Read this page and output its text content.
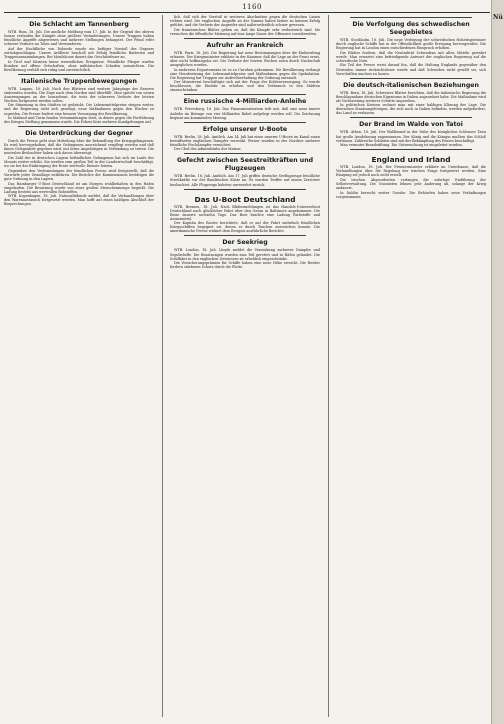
1160
Die Schlacht am Tannenberg
WTB. Rom, 18. Juli. Die amtliche Meldung vom 17. Juli: In der Gegend des oberen Isonzo verlaufen die Kämpfe ohne größere Veränderungen. Unsere Truppen haben feindliche Angriffe abgewiesen und mehrere Stellungen behauptet. Der Feind erlitt schwere Verluste an Toten und Verwundeten.
Auf der Hochfläche von Doberdo wurde ein heftiger Vorstoß des Gegners zurückgeschlagen. Unsere Artillerie beschoß mit Erfolg feindliche Batterien und Truppenansammlungen. Bei Monfalcone dauert das Geschützfeuer an.
In Tirol und Kärnten keine wesentlichen Ereignisse. Feindliche Flieger warfen Bomben auf offene Ortschaften, ohne militärischen Schaden anzurichten. Die Bevölkerung verhält sich ruhig und zuversichtlich.
Italienische Truppenbewegungen
WTB. Lugano, 18. Juli. Nach den Blättern sind weitere Jahrgänge der Reserve einberufen worden. Die Züge nach dem Norden sind überfüllt. Man spricht von neuen Anstrengungen an der Isonzofront, die trotz der schweren Verluste der letzten Wochen fortgesetzt werden sollen.
Die Stimmung in den Städten ist gedrückt. Die Lebensmittelpreise steigen weiter, und die Regierung sieht sich genötigt, neue Maßnahmen gegen den Wucher zu ergreifen. Die Presse fordert eine bessere Versorgung der Bevölkerung.
In Mailand und Turin fanden Versammlungen statt, in denen gegen die Fortführung des Krieges Stellung genommen wurde. Die Polizei löste mehrere Kundgebungen auf.
Die Unterdrückung der Gegner
Durch die Presse geht eine Mitteilung über die Behandlung der Kriegsgefangenen. Es wird hervorgehoben, daß die Gefangenen ausreichend verpflegt werden und daß ihnen Gelegenheit gegeben wird, mit ihren Angehörigen in Verbindung zu treten. Die neutralen Beobachter haben sich davon überzeugt.
Die Zahl der in deutschen Lagern befindlichen Gefangenen hat sich im Laufe des Monats weiter erhöht. Sie werden zum großen Teil in der Landwirtschaft beschäftigt, wo sie bei der Einbringung der Ernte wertvolle Dienste leisten.
Gegenüber den Verleumdungen der feindlichen Presse wird festgestellt, daß die Vorwürfe jeder Grundlage entbehren. Die Berichte der Kommissionen bestätigen die gute Ordnung in den Lagern.
Das Hamburger U-Boot Deutschland ist am Morgen wohlbehalten in den Hafen eingelaufen. Die Besatzung wurde von einer großen Menschenmenge begrüßt. Die Ladung besteht aus wertvollen Rohstoffen.
WTB. Kopenhagen, 18. Juli. Nationaltidende meldet, daß die Verhandlungen über den Warenaustausch fortgesetzt werden. Man hofft auf einen baldigen Abschluß der Besprechungen.
lich, daß sich der Vorstoß in weiteren Abschnitten gegen die deutschen Linien richten wird. Die englischen Angriffe an der Somme haben bisher zu keinem Erfolg geführt, und die Verluste der Angreifer sind außerordentlich schwer gewesen.
Die französischen Blätter geben zu, daß die Kämpfe sehr verlustreich sind. Sie versuchen die öffentliche Meinung auf eine lange Dauer der Offensive vorzubereiten.
Aufruhr an Frankreich
WTB. Paris, 18. Juli. Die Regierung hat neue Bestimmungen über die Einberufung erlassen. Der Kriegsminister erklärte in der Kammer, daß die Lage an der Front ernst, aber nicht hoffnungslos sei. Die Verluste der letzten Wochen seien durch Nachschub ausgeglichen worden.
In mehreren Departements ist es zu Unruhen gekommen. Die Bevölkerung verlangt eine Herabsetzung der Lebensmittelpreise und Maßnahmen gegen die Spekulation. Die Regierung hat Truppen zur Aufrechterhaltung der Ordnung entsandt.
Der Ministerrat beschäftigte sich mit der Frage der Kohlenversorgung. Es wurde beschlossen, die Einfuhr zu erhöhen und den Verbrauch in den Städten einzuschränken.
Eine russische 4-Milliarden-Anleihe
WTB. Petersburg, 18. Juli. Das Finanzministerium teilt mit, daß eine neue innere Anleihe im Betrage von vier Milliarden Rubel aufgelegt werden soll. Die Zeichnung beginnt am kommenden Montag.
Erfolge unserer U-Boote
WTB. Berlin, 18. Juli. Amtlich. Am 14. Juli hat eines unserer U-Boote im Kanal einen bewaffneten englischen Dampfer versenkt. Ferner wurden in der Nordsee mehrere feindliche Fischdampfer vernichtet.
Der Chef des Admiralstabs der Marine.
Gefecht zwischen Seestreitkräften und Flugzeugen
WTB. Berlin, 18. Juli. Amtlich. Am 17. Juli griffen deutsche Seeflugzeuge feindliche Streitkräfte vor der flandrischen Küste an. Es wurden Treffer auf einem Zerstörer beobachtet. Alle Flugzeuge kehrten unversehrt zurück.
Das U-Boot Deutschland
WTB. Bremen, 18. Juli. Nach Blättermeldungen ist das Handels-Unterseeboot Deutschland nach glücklicher Fahrt über den Ozean in Baltimore angekommen. Die Reise dauerte sechzehn Tage. Das Boot brachte eine Ladung Farbstoffe und Arzneimittel.
Der Kapitän des Bootes berichtete, daß er auf der Fahrt mehrfach feindlichen Kriegsschiffen begegnet sei, denen er durch Tauchen ausweichen konnte. Die amerikanische Presse widmet dem Ereignis ausführliche Berichte.
Der Seekrieg
WTB. London, 18. Juli. Lloyds meldet die Versenkung mehrerer Dampfer und Segelschiffe. Die Besatzungen wurden zum Teil gerettet und in Häfen gelandet. Die Schiffahrt in den englischen Gewässern ist erheblich eingeschränkt.
Die Versicherungsprämien für Schiffe haben eine neue Höhe erreicht. Die Reeder fordern stärkeren Schutz durch die Flotte.
Die Verfolgung des schwedischen Seegebietes
WTB. Stockholm, 18. Juli. Die neue Verlegung der schwedischen Hoheitsgewässer durch englische Schiffe hat in der Öffentlichkeit große Erregung hervorgerufen. Die Regierung hat in London einen entschiedenen Einspruch erhoben.
Die Blätter fordern, daß die Neutralität Schwedens mit allen Mitteln gewahrt werde. Man erwartet eine befriedigende Antwort der englischen Regierung auf die schwedische Note.
Ein Teil der Presse weist darauf hin, daß die Haltung Englands gegenüber den Neutralen immer rücksichtsloser werde und daß Schweden nicht gewillt sei, sich Vorschriften machen zu lassen.
Die deutsch-italienischen Beziehungen
WTB. Bern, 18. Juli. Schweizer Blätter berichten, daß die italienische Regierung die Beschlagnahme deutschen Eigentums in Italien angeordnet habe. Die Maßnahme wird als Vorbereitung weiterer Schritte angesehen.
In politischen Kreisen rechnet man mit einer baldigen Klärung der Lage. Die deutschen Staatsangehörigen, die sich noch in Italien befinden, werden aufgefordert, das Land zu verlassen.
Der Brand im Walde von Tatoi
WTB. Athen, 18. Juli. Der Waldbrand in der Nähe des königlichen Schlosses Tatoi hat große Ausdehnung angenommen. Der König und die Königin mußten das Schloß verlassen. Zahlreiche Soldaten sind mit der Bekämpfung des Feuers beschäftigt.
Man vermutet Brandstiftung. Die Untersuchung ist eingeleitet worden.
England und Irland
WTB. London, 18. Juli. Der Premierminister erklärte im Unterhause, daß die Verhandlungen über die Regelung der irischen Frage fortgesetzt werden. Eine Einigung sei jedoch noch nicht erzielt.
Die irischen Abgeordneten verlangen die sofortige Einführung der Selbstverwaltung. Die Unionisten lehnen jede Änderung ab, solange der Krieg andauert.
In Dublin herrscht weiter Unruhe. Die Behörden haben neue Verhaftungen vorgenommen.
Nü
